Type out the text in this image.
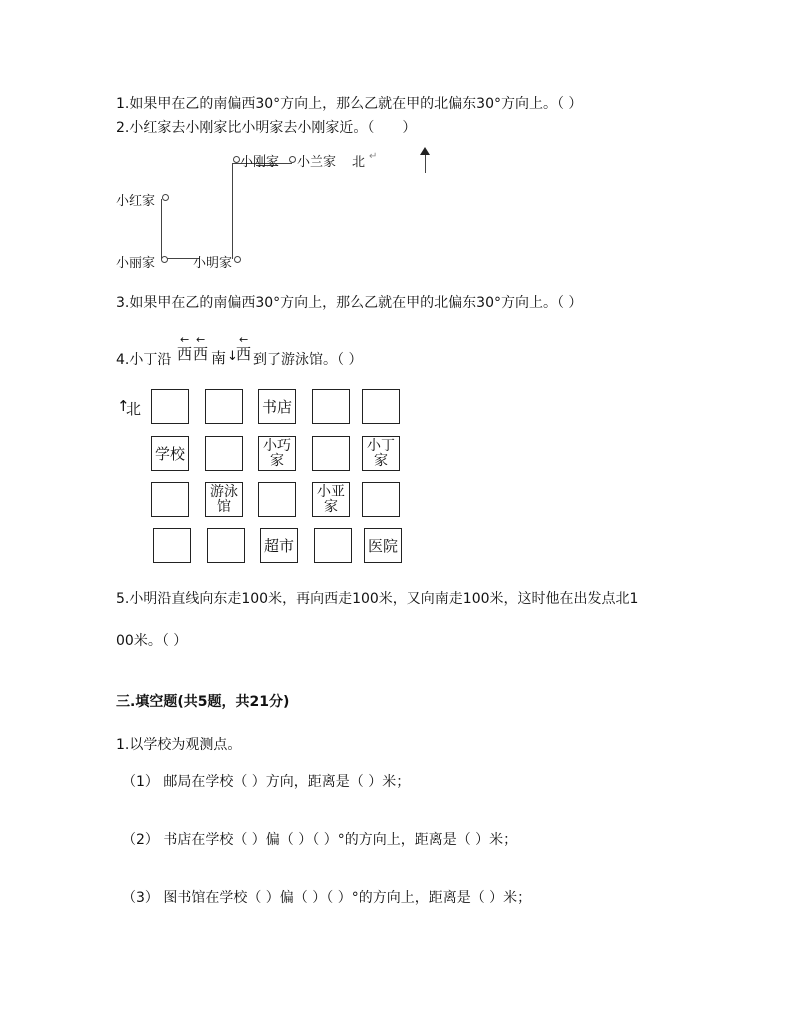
1.如果甲在乙的南偏西30°方向上，那么乙就在甲的北偏东30°方向上。（ ）
2.小红家去小刚家比小明家去小刚家近。（　　）
小刚家 小兰家 北 ↵
小红家
小丽家	小明家
3.如果甲在乙的南偏西30°方向上，那么乙就在甲的北偏东30°方向上。（ ）
4.小丁沿
←
西
←
西 南 ↓
←
西 到了游泳馆。（ ）
↑
北	书店
学校	小巧家
小丁家
游泳馆
小亚家
超市	医院
5.小明沿直线向东走100米，再向西走100米，又向南走100米，这时他在出发点北1
00米。（ ）
三.填空题(共5题，共21分)
1.以学校为观测点。
（1） 邮局在学校（ ）方向，距离是（ ）米；
（2） 书店在学校（ ）偏（ ）（ ）°的方向上，距离是（ ）米；
（3） 图书馆在学校（ ）偏（ ）（ ）°的方向上，距离是（ ）米；
